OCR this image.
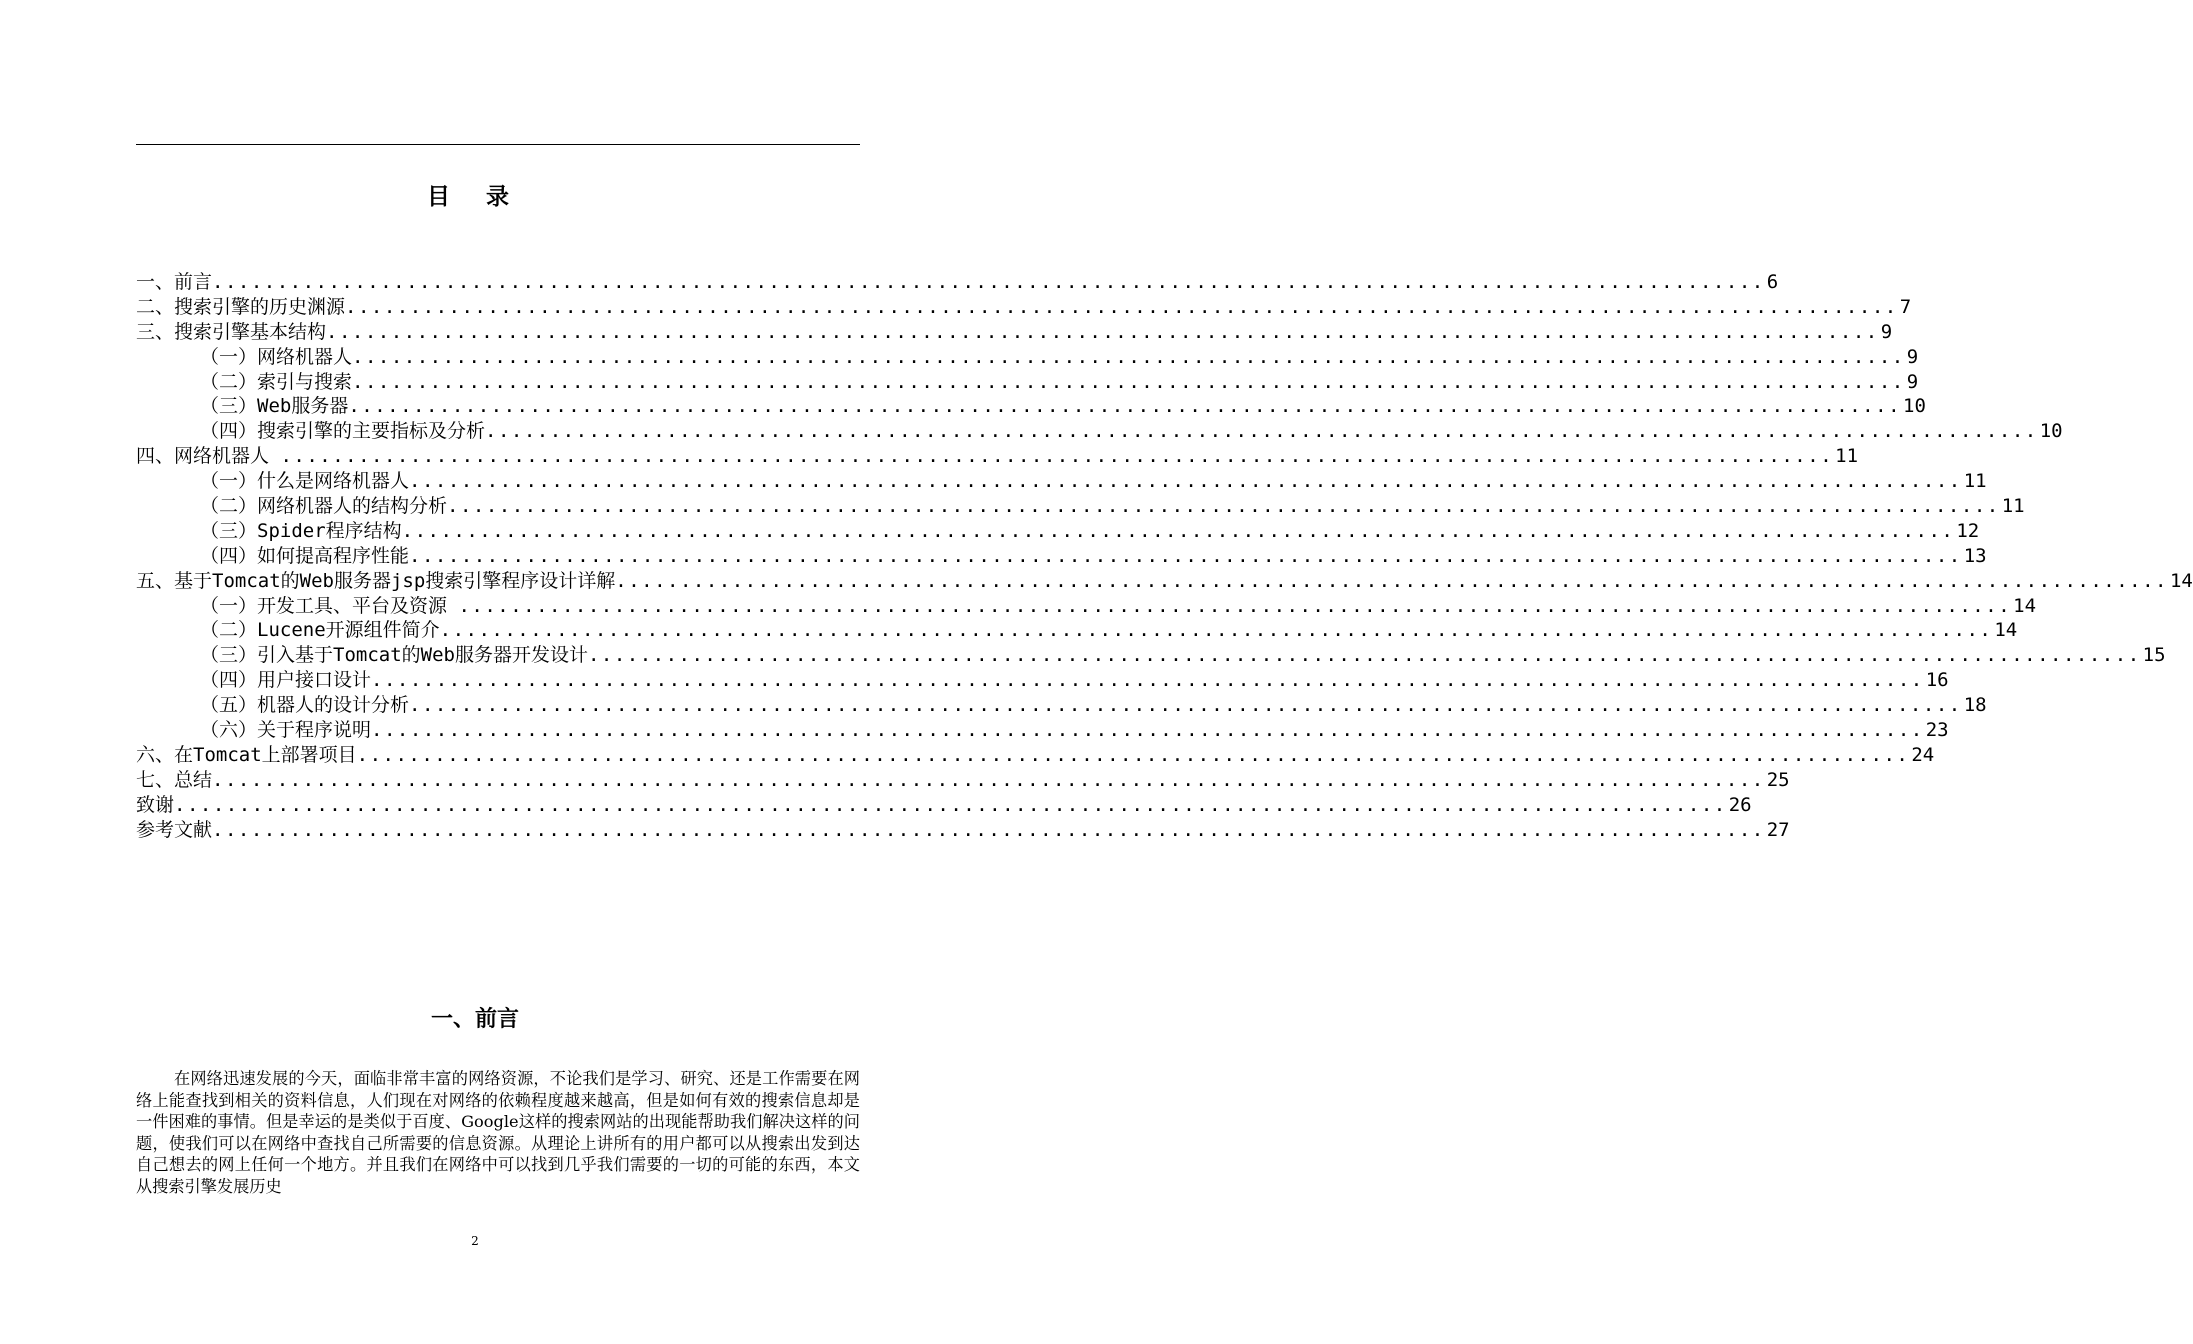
目 录
一、前言 ........................................................................................................................ 6
二、搜索引擎的历史渊源 ........................................................................................................................ 7
三、搜索引擎基本结构 ........................................................................................................................ 9
（一）网络机器人 ........................................................................................................................ 9
（二）索引与搜索 ........................................................................................................................ 9
（三）Web服务器 ........................................................................................................................ 10
（四）搜索引擎的主要指标及分析 ........................................................................................................................ 10
四、网络机器人 ........................................................................................................................ 11
（一）什么是网络机器人 ........................................................................................................................ 11
（二）网络机器人的结构分析 ........................................................................................................................ 11
（三）Spider程序结构 ........................................................................................................................ 12
（四）如何提高程序性能 ........................................................................................................................ 13
五、基于Tomcat的Web服务器jsp搜索引擎程序设计详解 ........................................................................................................................ 14
（一）开发工具、平台及资源 ........................................................................................................................ 14
（二）Lucene开源组件简介 ........................................................................................................................ 14
（三）引入基于Tomcat的Web服务器开发设计 ........................................................................................................................ 15
（四）用户接口设计 ........................................................................................................................ 16
（五）机器人的设计分析 ........................................................................................................................ 18
（六）关于程序说明 ........................................................................................................................ 23
六、在Tomcat上部署项目 ........................................................................................................................ 24
七、总结 ........................................................................................................................ 25
致谢 ........................................................................................................................ 26
参考文献 ........................................................................................................................ 27
一、前言
在网络迅速发展的今天，面临非常丰富的网络资源，不论我们是学习、研究、还是工作需要在网络上能查找到相关的资料信息，人们现在对网络的依赖程度越来越高，但是如何有效的搜索信息却是一件困难的事情。但是幸运的是类似于百度、Google这样的搜索网站的出现能帮助我们解决这样的问题，使我们可以在网络中查找自己所需要的信息资源。从理论上讲所有的用户都可以从搜索出发到达自己想去的网上任何一个地方。并且我们在网络中可以找到几乎我们需要的一切的可能的东西，本文从搜索引擎发展历史
2
